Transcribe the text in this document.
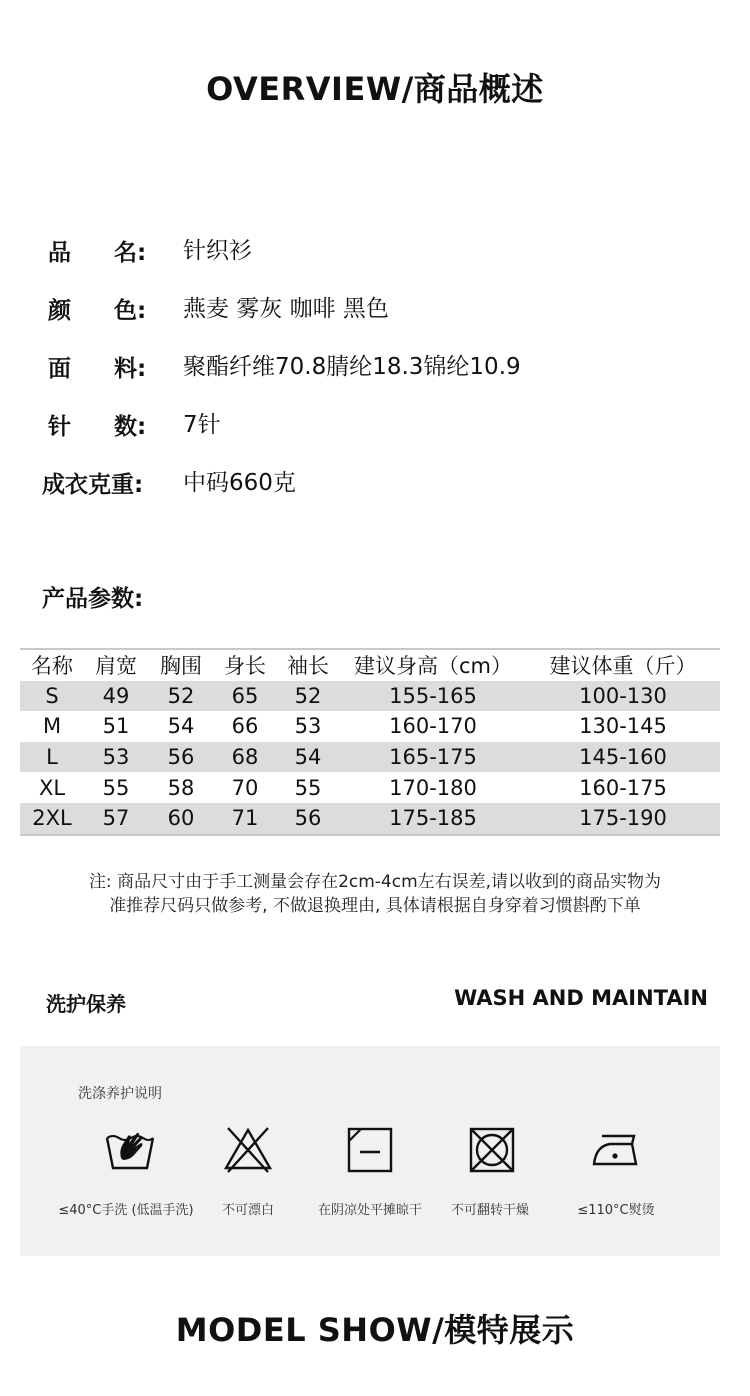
OVERVIEW/商品概述
品 名: 针织衫
颜 色: 燕麦 雾灰 咖啡 黑色
面 料: 聚酯纤维70.8腈纶18.3锦纶10.9
针 数: 7针
成衣克重: 中码660克
产品参数:
名称	肩宽	胸围	身长	袖长	建议身高（cm）	建议体重（斤）
S	49	52	65	52	155-165	100-130
M	51	54	66	53	160-170	130-145
L	53	56	68	54	165-175	145-160
XL	55	58	70	55	170-180	160-175
2XL	57	60	71	56	175-185	175-190
注: 商品尺寸由于手工测量会存在2cm-4cm左右误差,请以收到的商品实物为
准推荐尺码只做参考, 不做退换理由, 具体请根据自身穿着习惯斟酌下单
洗护保养	WASH AND MAINTAIN
洗涤养护说明
≤40°C手洗 (低温手洗)	不可漂白	在阴凉处平摊晾干	不可翻转干燥	≤110°C熨烫
MODEL SHOW/模特展示
